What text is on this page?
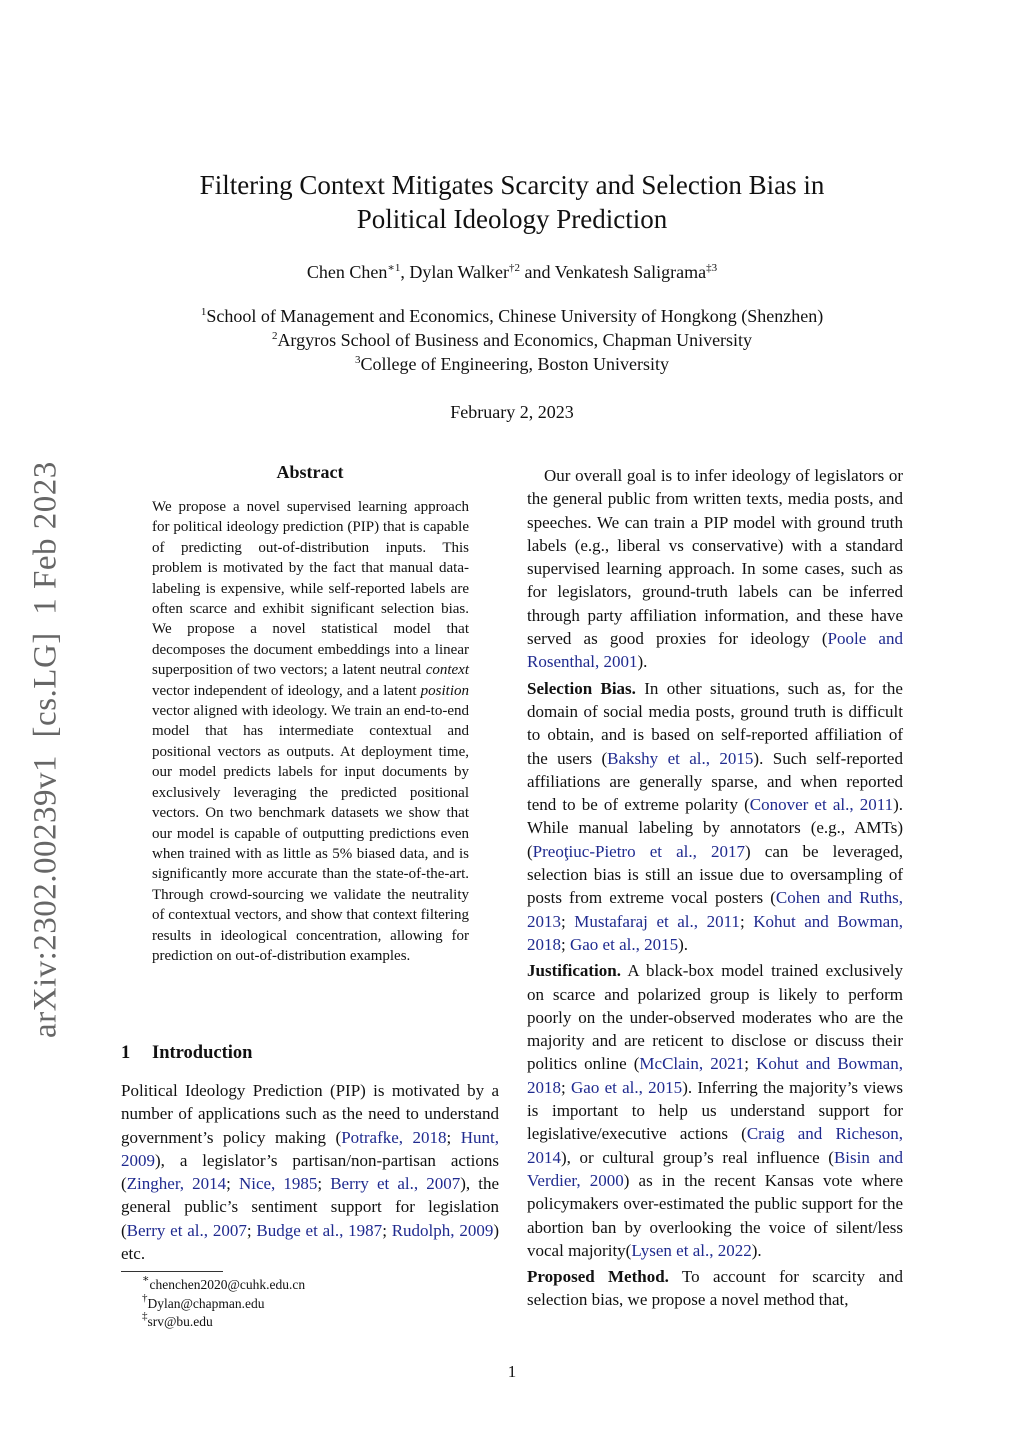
Filtering Context Mitigates Scarcity and Selection Bias in
Political Ideology Prediction
Chen Chen$^{∗1}$, Dylan Walker$^{\dagger 2}$ and Venkatesh Saligrama$^{\ddagger 3}$
$^1$School of Management and Economics, Chinese University of Hongkong (Shenzhen)
$^2$Argyros School of Business and Economics, Chapman University
$^3$College of Engineering, Boston University
February 2, 2023
arXiv:2302.00239v1  [cs.LG]  1 Feb 2023	Abstract
We propose a novel supervised learning approach for political ideology prediction (PIP) that is capable of predicting out-of-distribution inputs. This problem is motivated by the fact that manual data-labeling is expensive, while self-reported labels are often scarce and exhibit significant selection bias. We propose a novel statistical model that decomposes the document embeddings into a linear superposition of two vectors; a latent neutral context vector independent of ideology, and a latent position vector aligned with ideology. We train an end-to-end model that has intermediate contextual and positional vectors as outputs. At deployment time, our model predicts labels for input documents by exclusively leveraging the predicted positional vectors. On two benchmark datasets we show that our model is capable of outputting predictions even when trained with as little as 5% biased data, and is significantly more accurate than the state-of-the-art. Through crowd-sourcing we validate the neutrality of contextual vectors, and show that context filtering results in ideological concentration, allowing for prediction on out-of-distribution examples.
1 Introduction
Political Ideology Prediction (PIP) is motivated by a number of applications such as the need to understand government’s policy making (Potrafke, 2018; Hunt, 2009), a legislator’s partisan/non-partisan actions (Zingher, 2014; Nice, 1985; Berry et al., 2007), the general public’s sentiment support for legislation (Berry et al., 2007; Budge et al., 1987; Rudolph, 2009) etc.
∗chenchen2020@cuhk.edu.cn
†Dylan@chapman.edu
‡srv@bu.edu

Our overall goal is to infer ideology of legislators or the general public from written texts, media posts, and speeches. We can train a PIP model with ground truth labels (e.g., liberal vs conservative) with a standard supervised learning approach. In some cases, such as for legislators, ground-truth labels can be inferred through party affiliation information, and these have served as good proxies for ideology (Poole and Rosenthal, 2001).

Selection Bias. In other situations, such as, for the domain of social media posts, ground truth is difficult to obtain, and is based on self-reported affiliation of the users (Bakshy et al., 2015). Such self-reported affiliations are generally sparse, and when reported tend to be of extreme polarity (Conover et al., 2011). While manual labeling by annotators (e.g., AMTs) (Preoţiuc-Pietro et al., 2017) can be leveraged, selection bias is still an issue due to oversampling of posts from extreme vocal posters (Cohen and Ruths, 2013; Mustafaraj et al., 2011; Kohut and Bowman, 2018; Gao et al., 2015).

Justification. A black-box model trained exclusively on scarce and polarized group is likely to perform poorly on the under-observed moderates who are the majority and are reticent to disclose or discuss their politics online (McClain, 2021; Kohut and Bowman, 2018; Gao et al., 2015). Inferring the majority’s views is important to help us understand support for legislative/executive actions (Craig and Richeson, 2014), or cultural group’s real influence (Bisin and Verdier, 2000) as in the recent Kansas vote where policymakers over-estimated the public support for the abortion ban by overlooking the voice of silent/less vocal majority(Lysen et al., 2022).

Proposed Method. To account for scarcity and selection bias, we propose a novel method that,

1
